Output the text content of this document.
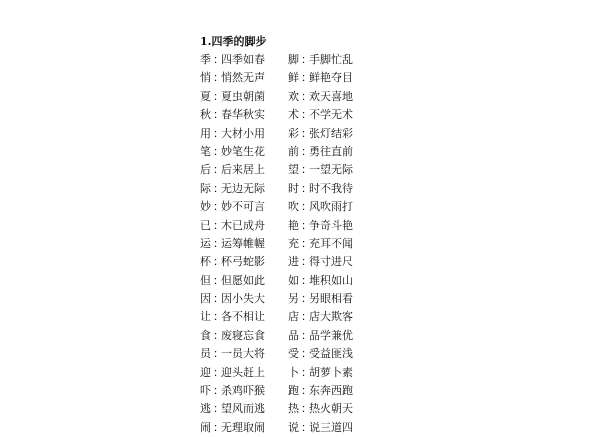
1.四季的脚步
季 ：四季如春
悄 ：悄然无声
夏 ：夏虫朝菌
秋 ：春华秋实
用 ：大材小用
笔 ：妙笔生花
后 ：后来居上
际 ：无边无际
妙 ：妙不可言
已 ：木已成舟
运 ：运筹帷幄
杯 ：杯弓蛇影
但 ：但愿如此
因 ：因小失大
让 ：各不相让
食 ：废寝忘食
员 ：一员大将
迎 ：迎头赶上
吓 ：杀鸡吓猴
逃 ：望风而逃
闹 ：无理取闹
脚 ：手脚忙乱
鲜 ：鲜艳夺目
欢 ：欢天喜地
术 ：不学无术
彩 ：张灯结彩
前 ：勇往直前
望 ：一望无际
时 ：时不我待
吹 ：风吹雨打
艳 ：争奇斗艳
充 ：充耳不闻
进 ：得寸进尺
如 ：堆积如山
另 ：另眼相看
店 ：店大欺客
品 ：品学兼优
受 ：受益匪浅
卜 ：胡萝卜素
跑 ：东奔西跑
热 ：热火朝天
说 ：说三道四
